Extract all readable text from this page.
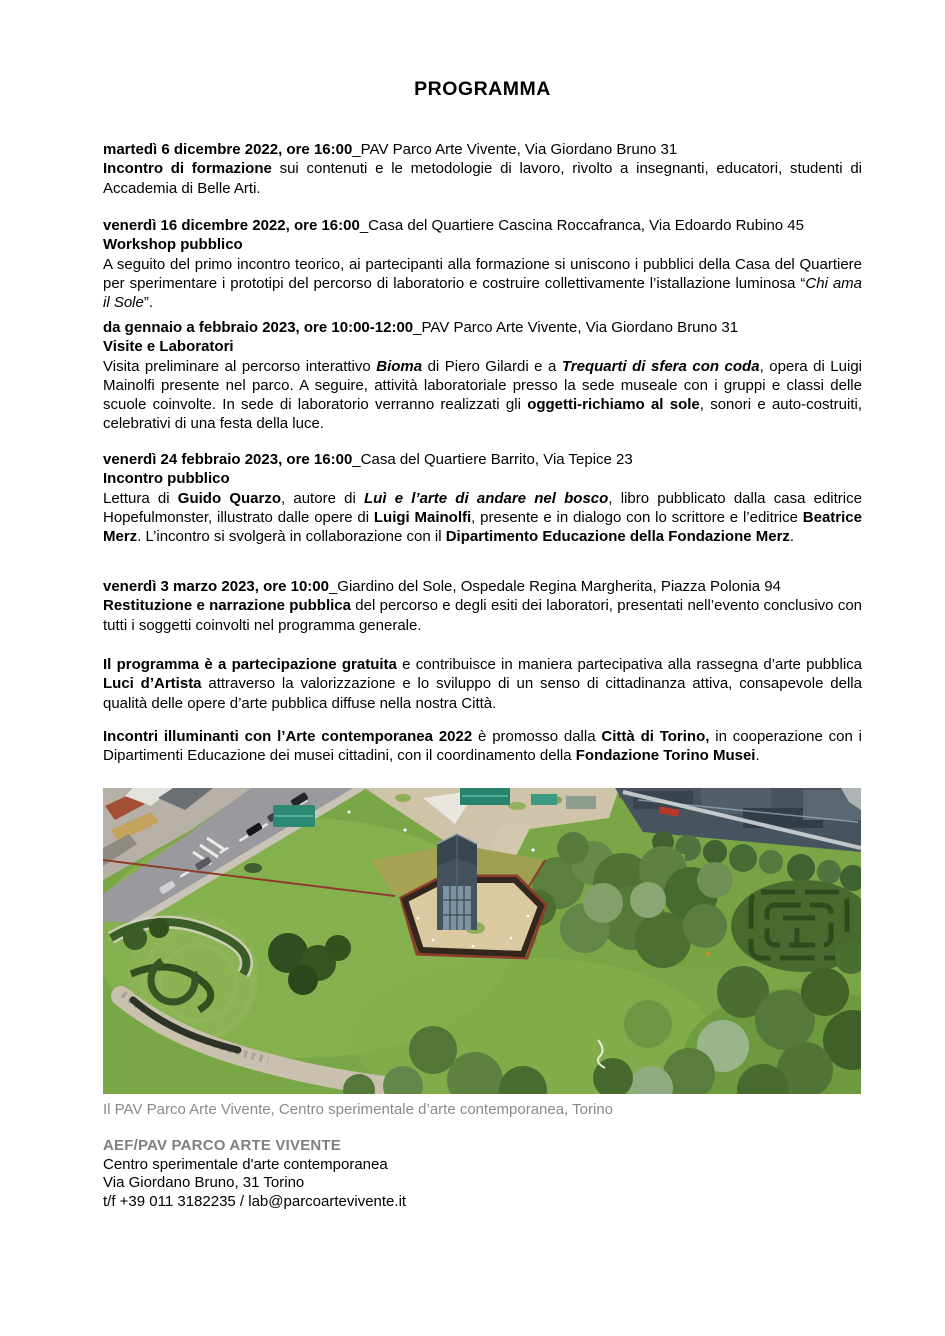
PROGRAMMA

martedì 6 dicembre 2022, ore 16:00_PAV Parco Arte Vivente, Via Giordano Bruno 31
Incontro di formazione sui contenuti e le metodologie di lavoro, rivolto a insegnanti, educatori, studenti di Accademia di Belle Arti.

venerdì 16 dicembre 2022, ore 16:00_Casa del Quartiere Cascina Roccafranca, Via Edoardo Rubino 45
Workshop pubblico
A seguito del primo incontro teorico, ai partecipanti alla formazione si uniscono i pubblici della Casa del Quartiere per sperimentare i prototipi del percorso di laboratorio e costruire collettivamente l’istallazione luminosa “Chi ama il Sole”.

da gennaio a febbraio 2023, ore 10:00-12:00_PAV Parco Arte Vivente, Via Giordano Bruno 31
Visite e Laboratori
Visita preliminare al percorso interattivo Bioma di Piero Gilardi e a Trequarti di sfera con coda, opera di Luigi Mainolfi presente nel parco. A seguire, attività laboratoriale presso la sede museale con i gruppi e classi delle scuole coinvolte. In sede di laboratorio verranno realizzati gli oggetti-richiamo al sole, sonori e auto-costruiti, celebrativi di una festa della luce.

venerdì 24 febbraio 2023, ore 16:00_Casa del Quartiere Barrito, Via Tepice 23
Incontro pubblico
Lettura di Guido Quarzo, autore di Luì e l’arte di andare nel bosco, libro pubblicato dalla casa editrice Hopefulmonster, illustrato dalle opere di Luigi Mainolfi, presente e in dialogo con lo scrittore e l’editrice Beatrice Merz. L’incontro si svolgerà in collaborazione con il Dipartimento Educazione della Fondazione Merz.

venerdì 3 marzo 2023, ore 10:00_Giardino del Sole, Ospedale Regina Margherita, Piazza Polonia 94
Restituzione e narrazione pubblica del percorso e degli esiti dei laboratori, presentati nell’evento conclusivo con tutti i soggetti coinvolti nel programma generale.

Il programma è a partecipazione gratuita e contribuisce in maniera partecipativa alla rassegna d’arte pubblica Luci d’Artista attraverso la valorizzazione e lo sviluppo di un senso di cittadinanza attiva, consapevole della qualità delle opere d’arte pubblica diffuse nella nostra Città.

Incontri illuminanti con l’Arte contemporanea 2022 è promosso dalla Città di Torino, in cooperazione con i Dipartimenti Educazione dei musei cittadini, con il coordinamento della Fondazione Torino Musei.

Il PAV Parco Arte Vivente, Centro sperimentale d’arte contemporanea, Torino

AEF/PAV PARCO ARTE VIVENTE

Centro sperimentale d'arte contemporanea

Via Giordano Bruno, 31 Torino

t/f +39 011 3182235 / lab@parcoartevivente.it
